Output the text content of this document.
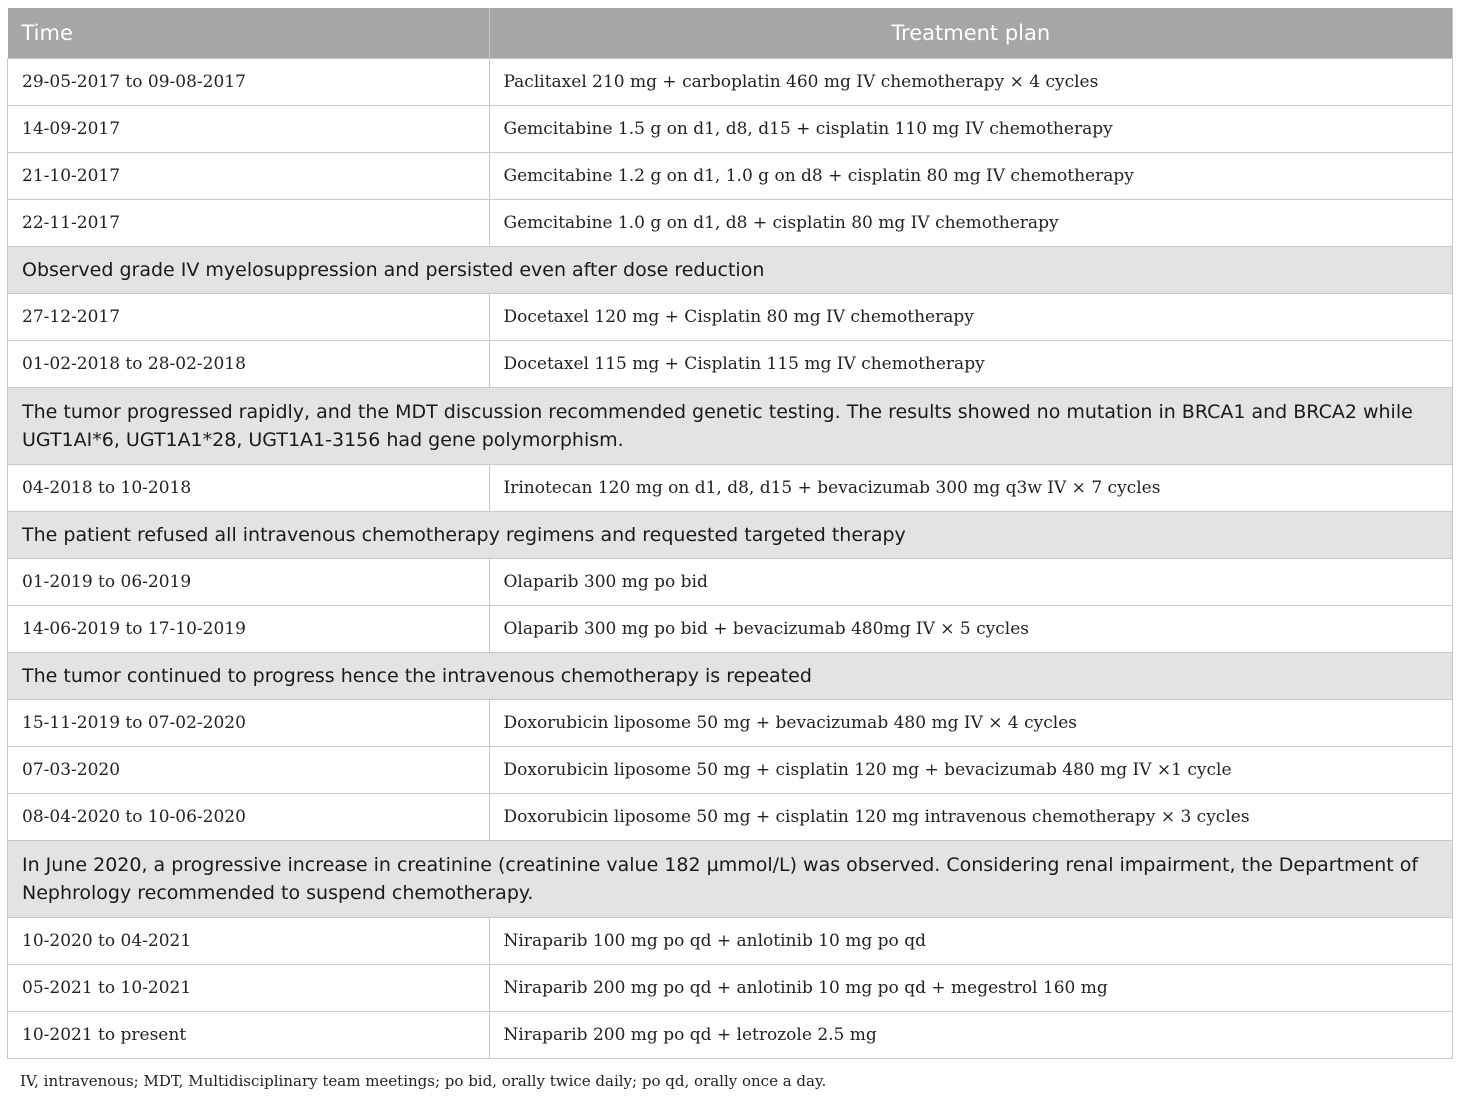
Time	Treatment plan
29-05-2017 to 09-08-2017	Paclitaxel 210 mg + carboplatin 460 mg IV chemotherapy × 4 cycles
14-09-2017	Gemcitabine 1.5 g on d1, d8, d15 + cisplatin 110 mg IV chemotherapy
21-10-2017	Gemcitabine 1.2 g on d1, 1.0 g on d8 + cisplatin 80 mg IV chemotherapy
22-11-2017	Gemcitabine 1.0 g on d1, d8 + cisplatin 80 mg IV chemotherapy
Observed grade IV myelosuppression and persisted even after dose reduction	
27-12-2017	Docetaxel 120 mg + Cisplatin 80 mg IV chemotherapy
01-02-2018 to 28-02-2018	Docetaxel 115 mg + Cisplatin 115 mg IV chemotherapy
The tumor progressed rapidly, and the MDT discussion recommended genetic testing. The results showed no mutation in BRCA1 and BRCA2 while UGT1AI*6, UGT1A1*28, UGT1A1-3156 had gene polymorphism.	
04-2018 to 10-2018	Irinotecan 120 mg on d1, d8, d15 + bevacizumab 300 mg q3w IV × 7 cycles
The patient refused all intravenous chemotherapy regimens and requested targeted therapy	
01-2019 to 06-2019	Olaparib 300 mg po bid
14-06-2019 to 17-10-2019	Olaparib 300 mg po bid + bevacizumab 480mg IV × 5 cycles
The tumor continued to progress hence the intravenous chemotherapy is repeated	
15-11-2019 to 07-02-2020	Doxorubicin liposome 50 mg + bevacizumab 480 mg IV × 4 cycles
07-03-2020	Doxorubicin liposome 50 mg + cisplatin 120 mg + bevacizumab 480 mg IV ×1 cycle
08-04-2020 to 10-06-2020	Doxorubicin liposome 50 mg + cisplatin 120 mg intravenous chemotherapy × 3 cycles
In June 2020, a progressive increase in creatinine (creatinine value 182 µmmol/L) was observed. Considering renal impairment, the Department of Nephrology recommended to suspend chemotherapy.	
10-2020 to 04-2021	Niraparib 100 mg po qd + anlotinib 10 mg po qd
05-2021 to 10-2021	Niraparib 200 mg po qd + anlotinib 10 mg po qd + megestrol 160 mg
10-2021 to present	Niraparib 200 mg po qd + letrozole 2.5 mg
IV, intravenous; MDT, Multidisciplinary team meetings; po bid, orally twice daily; po qd, orally once a day.
